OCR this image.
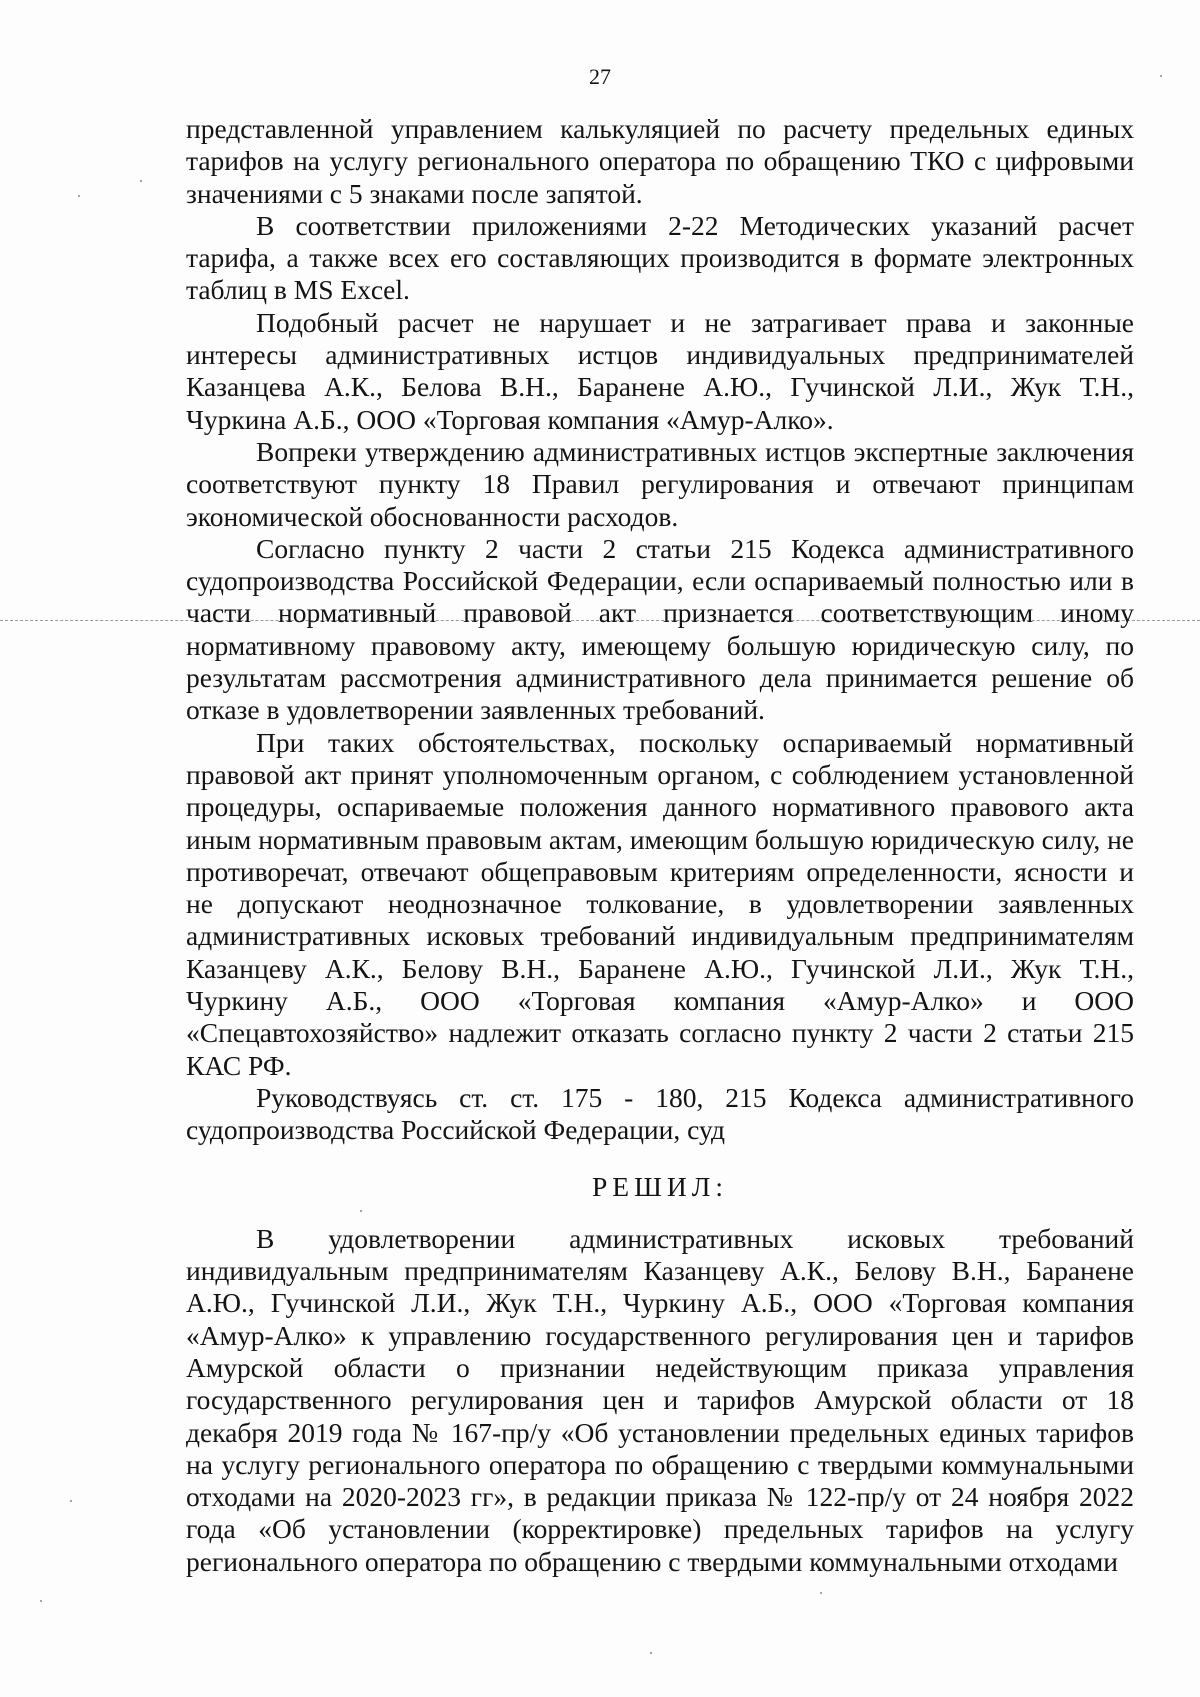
27

представленной управлением калькуляцией по расчету предельных единых тарифов на услугу регионального оператора по обращению ТКО с цифровыми значениями с 5 знаками после запятой.

В соответствии приложениями 2-22 Методических указаний расчет тарифа, а также всех его составляющих производится в формате электронных таблиц в MS Excel.

Подобный расчет не нарушает и не затрагивает права и законные интересы административных истцов индивидуальных предпринимателей Казанцева А.К., Белова В.Н., Баранене А.Ю., Гучинской Л.И., Жук Т.Н., Чуркина А.Б., ООО «Торговая компания «Амур-Алко».

Вопреки утверждению административных истцов экспертные заключения соответствуют пункту 18 Правил регулирования и отвечают принципам экономической обоснованности расходов.

Согласно пункту 2 части 2 статьи 215 Кодекса административного судопроизводства Российской Федерации, если оспариваемый полностью или в части нормативный правовой акт признается соответствующим иному нормативному правовому акту, имеющему большую юридическую силу, по результатам рассмотрения административного дела принимается решение об отказе в удовлетворении заявленных требований.

При таких обстоятельствах, поскольку оспариваемый нормативный правовой акт принят уполномоченным органом, с соблюдением установленной процедуры, оспариваемые положения данного нормативного правового акта иным нормативным правовым актам, имеющим большую юридическую силу, не противоречат, отвечают общеправовым критериям определенности, ясности и не допускают неоднозначное толкование, в удовлетворении заявленных административных исковых требований индивидуальным предпринимателям Казанцеву А.К., Белову В.Н., Баранене А.Ю., Гучинской Л.И., Жук Т.Н., Чуркину А.Б., ООО «Торговая компания «Амур-Алко» и ООО «Спецавтохозяйство» надлежит отказать согласно пункту 2 части 2 статьи 215 КАС РФ.

Руководствуясь ст. ст. 175 - 180, 215 Кодекса административного судопроизводства Российской Федерации, суд

РЕШИЛ:

В удовлетворении административных исковых требований индивидуальным предпринимателям Казанцеву А.К., Белову В.Н., Баранене А.Ю., Гучинской Л.И., Жук Т.Н., Чуркину А.Б., ООО «Торговая компания «Амур-Алко» к управлению государственного регулирования цен и тарифов Амурской области о признании недействующим приказа управления государственного регулирования цен и тарифов Амурской области от 18 декабря 2019 года № 167-пр/у «Об установлении предельных единых тарифов на услугу регионального оператора по обращению с твердыми коммунальными отходами на 2020-2023 гг», в редакции приказа № 122-пр/у от 24 ноября 2022 года «Об установлении (корректировке) предельных тарифов на услугу регионального оператора по обращению с твердыми коммунальными отходами
